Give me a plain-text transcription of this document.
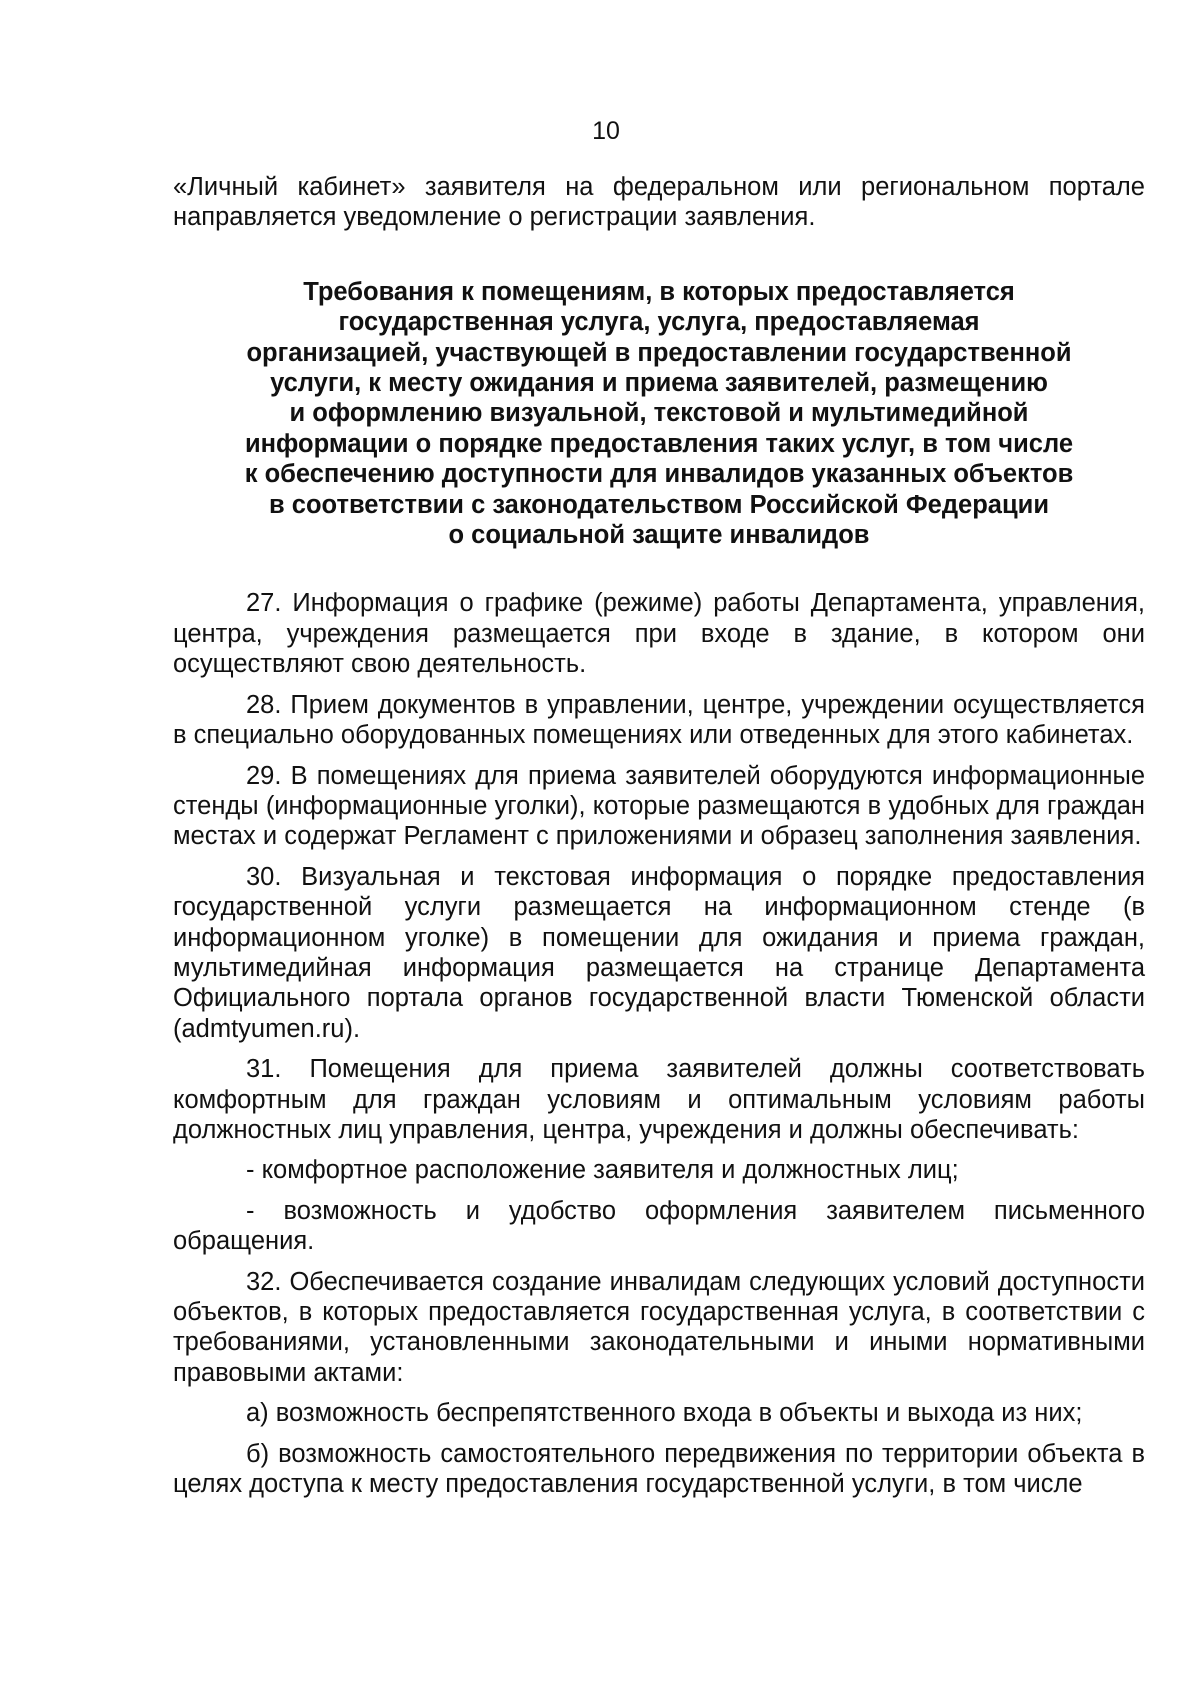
10

«Личный кабинет» заявителя на федеральном или региональном портале направляется уведомление о регистрации заявления.

Требования к помещениям, в которых предоставляется
государственная услуга, услуга, предоставляемая
организацией, участвующей в предоставлении государственной
услуги, к месту ожидания и приема заявителей, размещению
и оформлению визуальной, текстовой и мультимедийной
информации о порядке предоставления таких услуг, в том числе
к обеспечению доступности для инвалидов указанных объектов
в соответствии с законодательством Российской Федерации
о социальной защите инвалидов

27. Информация о графике (режиме) работы Департамента, управления, центра, учреждения размещается при входе в здание, в котором они осуществляют свою деятельность.

28. Прием документов в управлении, центре, учреждении осуществляется в специально оборудованных помещениях или отведенных для этого кабинетах.

29. В помещениях для приема заявителей оборудуются информационные стенды (информационные уголки), которые размещаются в удобных для граждан местах и содержат Регламент с приложениями и образец заполнения заявления.

30. Визуальная и текстовая информация о порядке предоставления государственной услуги размещается на информационном стенде (в информационном уголке) в помещении для ожидания и приема граждан, мультимедийная информация размещается на странице Департамента Официального портала органов государственной власти Тюменской области (admtyumen.ru).

31. Помещения для приема заявителей должны соответствовать комфортным для граждан условиям и оптимальным условиям работы должностных лиц управления, центра, учреждения и должны обеспечивать:

- комфортное расположение заявителя и должностных лиц;

- возможность и удобство оформления заявителем письменного обращения.

32. Обеспечивается создание инвалидам следующих условий доступности объектов, в которых предоставляется государственная услуга, в соответствии с требованиями, установленными законодательными и иными нормативными правовыми актами:

а) возможность беспрепятственного входа в объекты и выхода из них;

б) возможность самостоятельного передвижения по территории объекта в целях доступа к месту предоставления государственной услуги, в том числе
